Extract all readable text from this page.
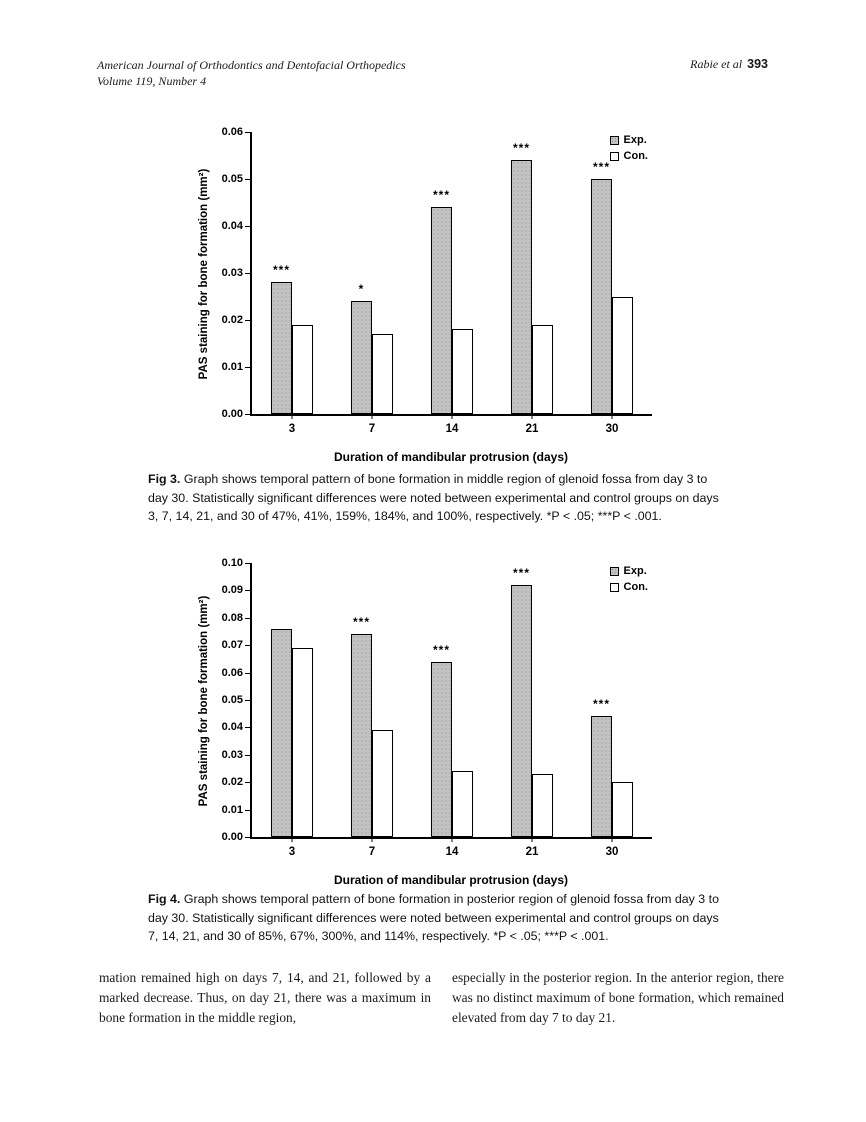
American Journal of Orthodontics and Dentofacial Orthopedics
Volume 119, Number 4
Rabie et al 393
PAS staining for bone formation (mm²)
Exp.
Con.
0.00
0.01
0.02
0.03
0.04
0.05
0.06
***
3
*
7
***
14
***
21
***
30
Duration of mandibular protrusion (days)
Fig 3. Graph shows temporal pattern of bone formation in middle region of glenoid fossa from day 3 to day 30. Statistically significant differences were noted between experimental and control groups on days 3, 7, 14, 21, and 30 of 47%, 41%, 159%, 184%, and 100%, respectively. *P < .05; ***P < .001.
PAS staining for bone formation (mm²)
Exp.
Con.
0.00
0.01
0.02
0.03
0.04
0.05
0.06
0.07
0.08
0.09
0.10
3
***
7
***
14
***
21
***
30
Duration of mandibular protrusion (days)
Fig 4. Graph shows temporal pattern of bone formation in posterior region of glenoid fossa from day 3 to day 30. Statistically significant differences were noted between experimental and control groups on days 7, 14, 21, and 30 of 85%, 67%, 300%, and 114%, respectively. *P < .05; ***P < .001.
mation remained high on days 7, 14, and 21, followed by a marked decrease. Thus, on day 21, there was a maximum in bone formation in the middle region,
especially in the posterior region. In the anterior region, there was no distinct maximum of bone formation, which remained elevated from day 7 to day 21.
